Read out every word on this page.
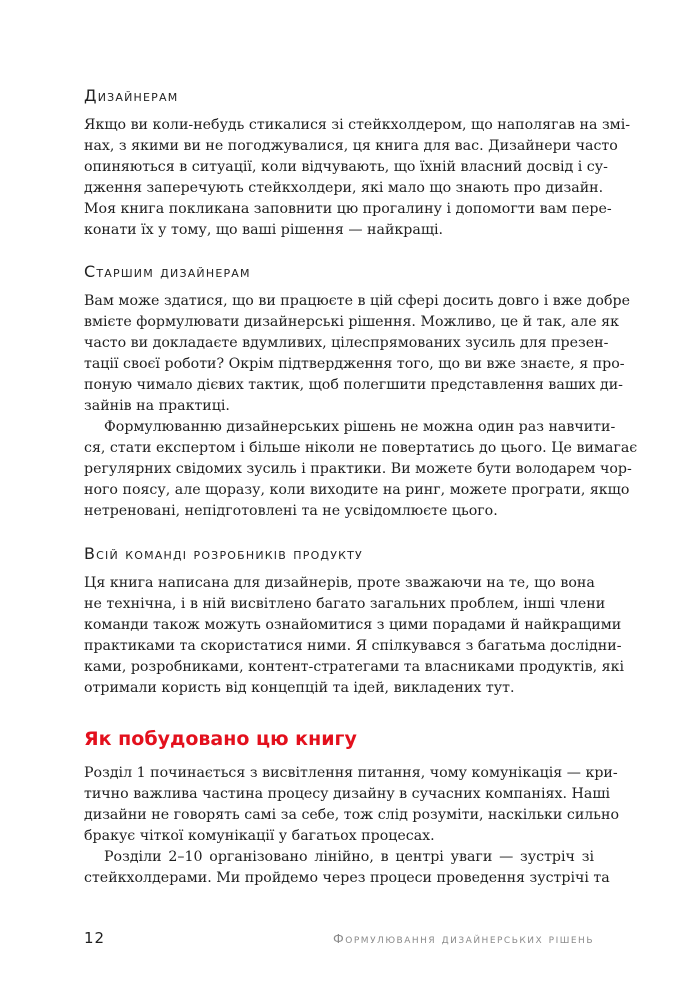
Дизайнерам
Якщо ви коли-небудь стикалися зі стейкхолдером, що наполягав на змі-
нах, з якими ви не погоджувалися, ця книга для вас. Дизайнери часто
опиняються в ситуації, коли відчувають, що їхній власний досвід і су-
дження заперечують стейкхолдери, які мало що знають про дизайн.
Моя книга покликана заповнити цю прогалину і допомогти вам пере-
конати їх у тому, що ваші рішення — найкращі.
Старшим дизайнерам
Вам може здатися, що ви працюєте в цій сфері досить довго і вже добре
вмієте формулювати дизайнерські рішення. Можливо, це й так, але як
часто ви докладаєте вдумливих, цілеспрямованих зусиль для презен-
тації своєї роботи? Окрім підтвердження того, що ви вже знаєте, я про-
поную чимало дієвих тактик, щоб полегшити представлення ваших ди-
зайнів на практиці.
Формулюванню дизайнерських рішень не можна один раз навчити-
ся, стати експертом і більше ніколи не повертатись до цього. Це вимагає
регулярних свідомих зусиль і практики. Ви можете бути володарем чор-
ного поясу, але щоразу, коли виходите на ринг, можете програти, якщо
нетреновані, непідготовлені та не усвідомлюєте цього.
Всій команді розробників продукту
Ця книга написана для дизайнерів, проте зважаючи на те, що вона
не технічна, і в ній висвітлено багато загальних проблем, інші члени
команди також можуть ознайомитися з цими порадами й найкращими
практиками та скористатися ними. Я спілкувався з багатьма дослідни-
ками, розробниками, контент-стратегами та власниками продуктів, які
отримали користь від концепцій та ідей, викладених тут.
Як побудовано цю книгу
Розділ 1 починається з висвітлення питання, чому комунікація — кри-
тично важлива частина процесу дизайну в сучасних компаніях. Наші
дизайни не говорять самі за себе, тож слід розуміти, наскільки сильно
бракує чіткої комунікації у багатьох процесах.
Розділи 2–10 організовано лінійно, в центрі уваги — зустріч зі
стейкхолдерами. Ми пройдемо через процеси проведення зустрічі та
12	Формулювання дизайнерських рішень
